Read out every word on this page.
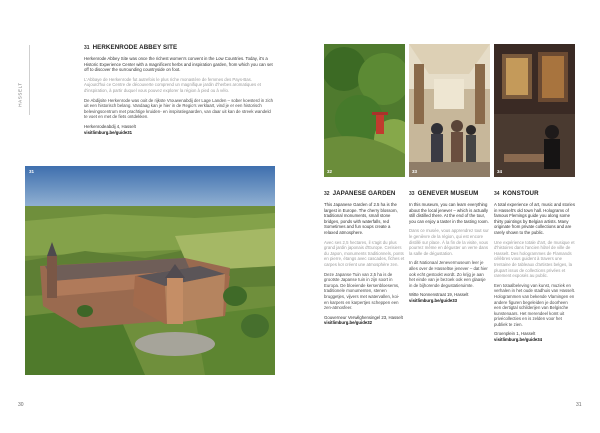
HASSELT
31 HERKENRODE ABBEY SITE

Herkenrode Abbey Site was once the richest women's convent in the Low Countries. Today, it's a Historic Experience Center with a magnificent herbs and inspiration garden, from which you can set off to discover the surrounding countryside on foot.

L'Abbaye de Herkenrode fut autrefois le plus riche monastère de femmes des Pays-Bas. Aujourd'hui ce Centre de découverte comprend un magnifique jardin d'herbes aromatiques et d'inspiration, à partir duquel vous pouvez explorer la région à pied ou à vélo.

De Abdijsite Herkenrode was ooit de rijkste Vrouwenabdij der Lage Landen – sober koesterd in zich uit een historisch belang. Vandaag kan je hier in de Regio's verklaart, vind je er een historisch belevingscentrum met prachtige kruiden- en inspiratiegaarden, van daar uit kan de streek wandeld te voet en met de fiets ontdekken.

Herkenrodeabdij 4, Hasselt
visitlimburg.be/guide31
31
30
32	33	34
32 JAPANESE GARDEN

This Japanese Garden of 2.5 ha is the largest in Europe. The cherry blossom, traditional monuments, small stone bridges, ponds with waterfalls, red Sometimes and fun soups create a relaxed atmosphere.

Avec ses 2,5 hectares, il s'agit du plus grand jardin japonais d'Europe. Cerisiers du Japon, monuments traditionnels, ponts en pierre, étangs avec cascades, fiches et carpes koï créent une atmosphère zen.

Deze Japanse Tuin van 2,5 ha is de grootste Japanse tuin in zijn soort in Europa. De bloeiende kersenbloesems, traditionele monumenten, stenen bruggetjes, vijvers met watervallen, koi- en karpers en karpertjes scheppen een zen-atmosfeer.

Gouverneur Verwilghensingel 23, Hasselt
visitlimburg.be/guide32
33 GENEVER MUSEUM

In this museum, you can learn everything about the local jenever – which is actually still distilled there. At the end of the tour, you can enjoy a taster in the tasting room.

Dans ce musée, vous apprendrez tout sur le genièvre de la région, qui est encore distillé sur place. À la fin de la visite, vous pourrez même en déguster un verre dans la salle de dégustation.

In dit Nationaal Jenevermuseum leer je alles over de Hasseltse jenever – dat hier ook echt gestookt wordt. Zo krijg je aan het einde van je bezoek ook een glaasje in de bijhorende degustatieruimte.

Witte Nonnenstraat 19, Hasselt
visitlimburg.be/guide33
34 KONSTOUR

A total experience of art, music and stories in Hasselt's old town hall. Holograms of famous Flemings guide you along some thirty paintings by Belgian artists. Many originate from private collections and are rarely shown to the public.

Une expérience totale d'art, de musique et d'histoires dans l'ancien hôtel de ville de Hasselt. Des hologrammes de Flamands célèbres vous guident à travers une trentaine de tableaux d'artistes belges, la plupart issus de collections privées et rarement exposés au public.

Een totaalbeleving van kunst, muziek en verhalen in het oude stadhuis van Hasselt. Hologrammen van bekende Vlamingen en andere figuren begeleiden je doorheen een dertigtal schilderijen van Belgische kunstenaars. Het merendeel komt uit privécollecties en is zelden voor het publiek te zien.

Groenplein 1, Hasselt
visitlimburg.be/guide34
31
